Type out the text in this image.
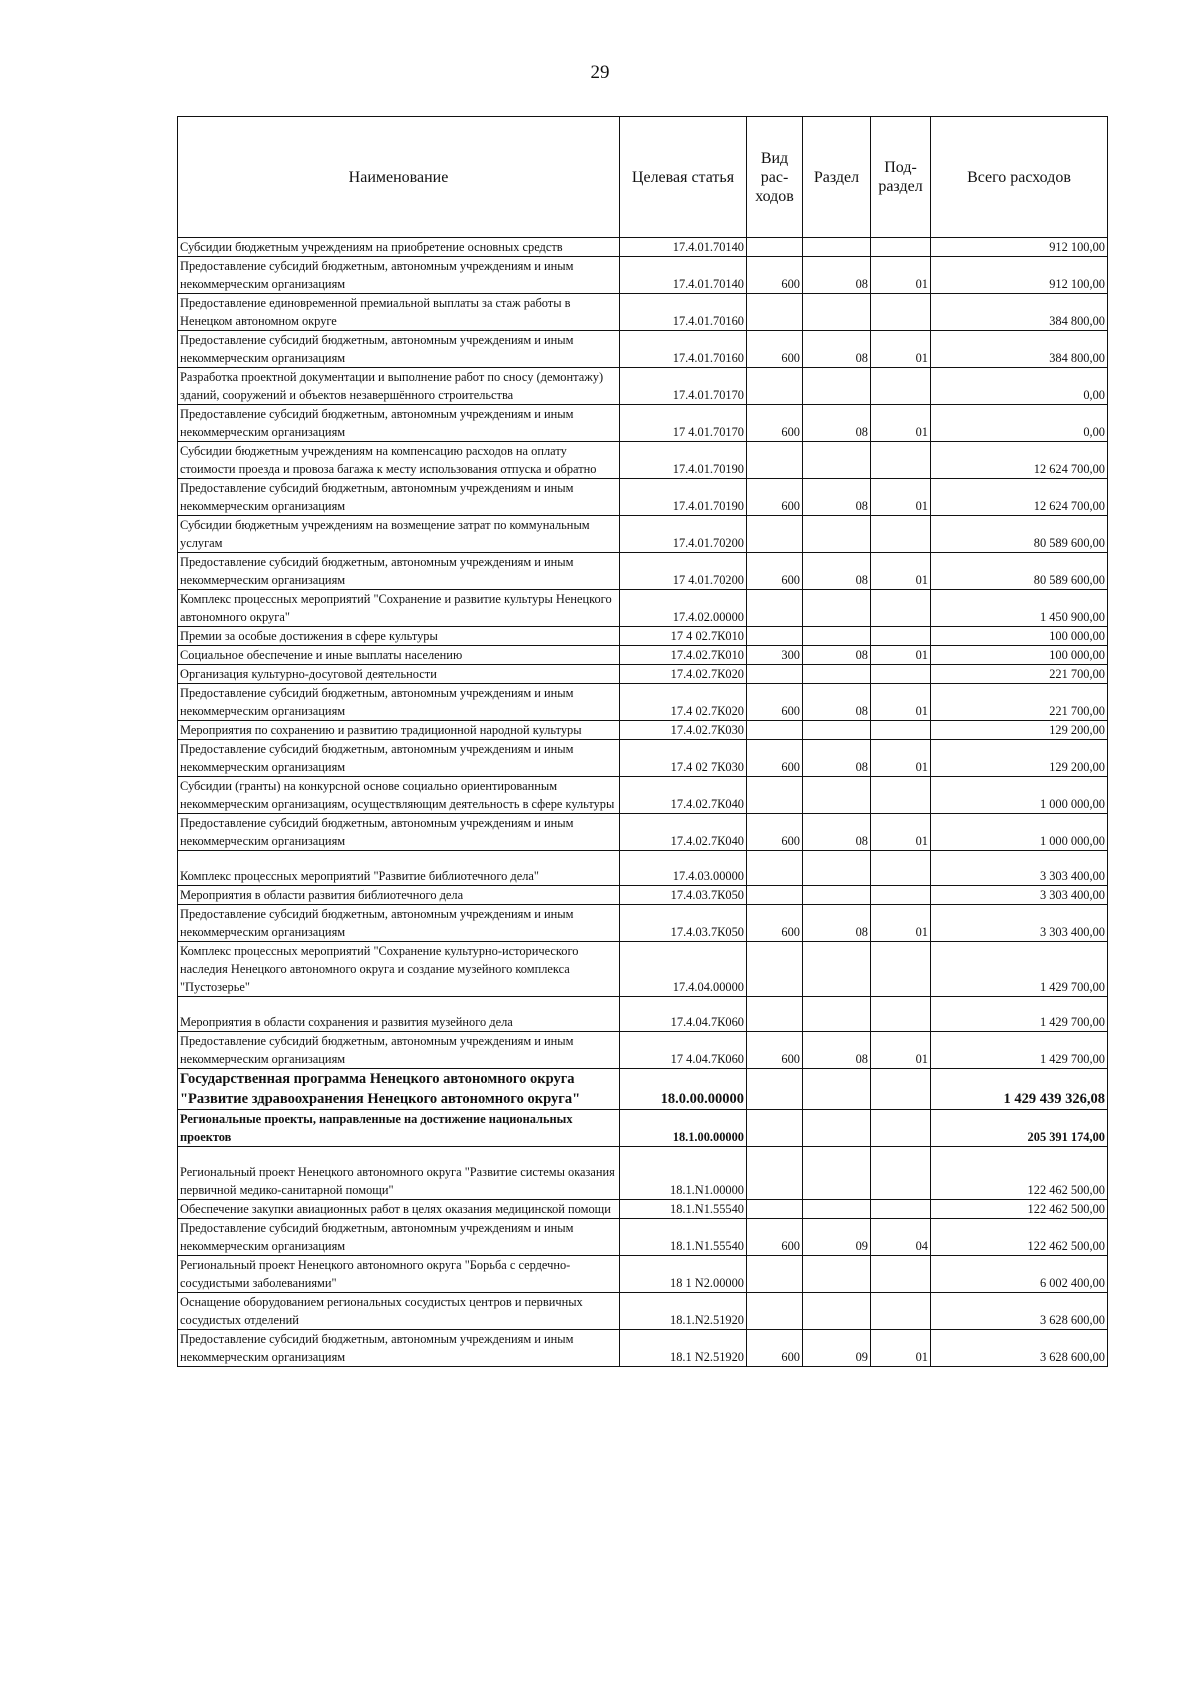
29
Наименование	Целевая статья	Вид рас- ходов	Раздел	Под- раздел	Всего расходов
Субсидии бюджетным учреждениям на приобретение основных средств	17.4.01.70140				912 100,00
Предоставление субсидий бюджетным, автономным учреждениям и иным некоммерческим организациям	17.4.01.70140	600	08	01	912 100,00
Предоставление единовременной премиальной выплаты за стаж работы в Ненецком автономном округе	17.4.01.70160				384 800,00
Предоставление субсидий бюджетным, автономным учреждениям и иным некоммерческим организациям	17.4.01.70160	600	08	01	384 800,00
Разработка проектной документации и выполнение работ по сносу (демонтажу) зданий, сооружений и объектов незавершённого строительства	17.4.01.70170				0,00
Предоставление субсидий бюджетным, автономным учреждениям и иным некоммерческим организациям	17 4.01.70170	600	08	01	0,00
Субсидии бюджетным учреждениям на компенсацию расходов на оплату стоимости проезда и провоза багажа к месту использования отпуска и обратно	17.4.01.70190				12 624 700,00
Предоставление субсидий бюджетным, автономным учреждениям и иным некоммерческим организациям	17.4.01.70190	600	08	01	12 624 700,00
Субсидии бюджетным учреждениям на возмещение затрат по коммунальным услугам	17.4.01.70200				80 589 600,00
Предоставление субсидий бюджетным, автономным учреждениям и иным некоммерческим организациям	17 4.01.70200	600	08	01	80 589 600,00
Комплекс процессных мероприятий "Сохранение и развитие культуры Ненецкого автономного округа"	17.4.02.00000				1 450 900,00
Премии за особые достижения в сфере культуры	17 4 02.7К010				100 000,00
Социальное обеспечение и иные выплаты населению	17.4.02.7К010	300	08	01	100 000,00
Организация культурно-досуговой деятельности	17.4.02.7К020				221 700,00
Предоставление субсидий бюджетным, автономным учреждениям и иным некоммерческим организациям	17.4 02.7К020	600	08	01	221 700,00
Мероприятия по сохранению и развитию традиционной народной культуры	17.4.02.7К030				129 200,00
Предоставление субсидий бюджетным, автономным учреждениям и иным некоммерческим организациям	17.4 02 7К030	600	08	01	129 200,00
Субсидии (гранты) на конкурсной основе социально ориентированным некоммерческим организациям, осуществляющим деятельность в сфере культуры	17.4.02.7К040				1 000 000,00
Предоставление субсидий бюджетным, автономным учреждениям и иным некоммерческим организациям	17.4.02.7К040	600	08	01	1 000 000,00

Комплекс процессных мероприятий "Развитие библиотечного дела"	17.4.03.00000				3 303 400,00
Мероприятия в области развития библиотечного дела	17.4.03.7К050				3 303 400,00
Предоставление субсидий бюджетным, автономным учреждениям и иным некоммерческим организациям	17.4.03.7К050	600	08	01	3 303 400,00
Комплекс процессных мероприятий "Сохранение культурно-исторического наследия Ненецкого автономного округа и создание музейного комплекса "Пустозерье"	17.4.04.00000				1 429 700,00

Мероприятия в области сохранения и развития музейного дела	17.4.04.7К060				1 429 700,00
Предоставление субсидий бюджетным, автономным учреждениям и иным некоммерческим организациям	17 4.04.7К060	600	08	01	1 429 700,00
Государственная программа Ненецкого автономного округа "Развитие здравоохранения Ненецкого автономного округа"	18.0.00.00000				1 429 439 326,08
Региональные проекты, направленные на достижение национальных проектов	18.1.00.00000				205 391 174,00

Региональный проект Ненецкого автономного округа "Развитие системы оказания первичной медико-санитарной помощи"	18.1.N1.00000				122 462 500,00
Обеспечение закупки авиационных работ в целях оказания медицинской помощи	18.1.N1.55540				122 462 500,00
Предоставление субсидий бюджетным, автономным учреждениям и иным некоммерческим организациям	18.1.N1.55540	600	09	04	122 462 500,00
Региональный проект Ненецкого автономного округа "Борьба с сердечно-сосудистыми заболеваниями"	18 1 N2.00000				6 002 400,00
Оснащение оборудованием региональных сосудистых центров и первичных сосудистых отделений	18.1.N2.51920				3 628 600,00
Предоставление субсидий бюджетным, автономным учреждениям и иным некоммерческим организациям	18.1 N2.51920	600	09	01	3 628 600,00
